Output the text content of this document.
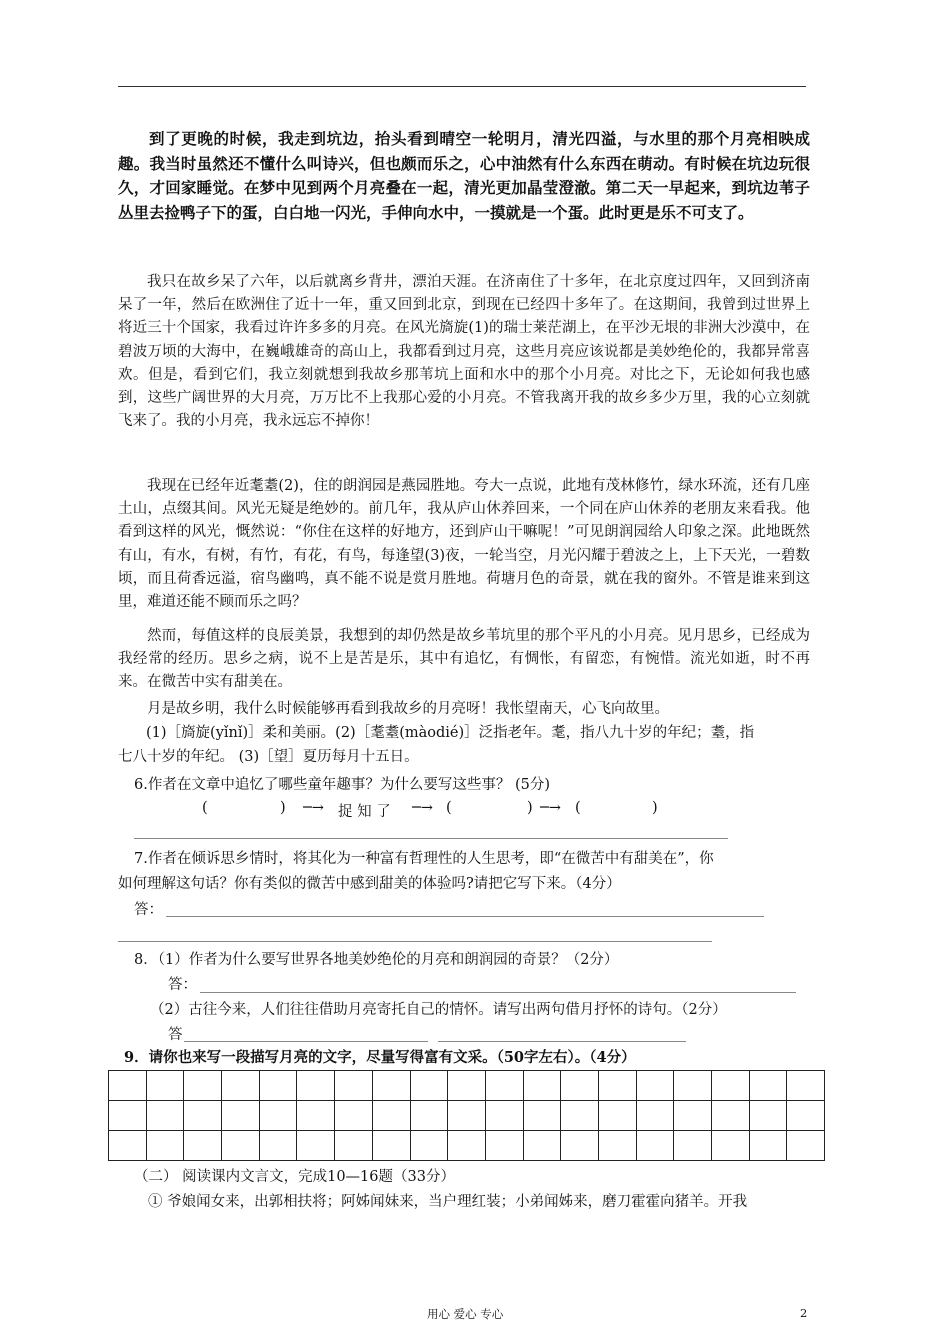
到了更晚的时候，我走到坑边，抬头看到晴空一轮明月，清光四溢，与水里的那个月亮相映成趣。我当时虽然还不懂什么叫诗兴，但也颇而乐之，心中油然有什么东西在萌动。有时候在坑边玩很久，才回家睡觉。在梦中见到两个月亮叠在一起，清光更加晶莹澄澈。第二天一早起来，到坑边苇子丛里去捡鸭子下的蛋，白白地一闪光，手伸向水中，一摸就是一个蛋。此时更是乐不可支了。

我只在故乡呆了六年，以后就离乡背井，漂泊天涯。在济南住了十多年，在北京度过四年，又回到济南呆了一年，然后在欧洲住了近十一年，重又回到北京，到现在已经四十多年了。在这期间，我曾到过世界上将近三十个国家，我看过许许多多的月亮。在风光旖旋(1)的瑞士莱茫湖上，在平沙无垠的非洲大沙漠中，在碧波万顷的大海中，在巍峨雄奇的高山上，我都看到过月亮，这些月亮应该说都是美妙绝伦的，我都异常喜欢。但是，看到它们，我立刻就想到我故乡那苇坑上面和水中的那个小月亮。对比之下，无论如何我也感到，这些广阔世界的大月亮，万万比不上我那心爱的小月亮。不管我离开我的故乡多少万里，我的心立刻就飞来了。我的小月亮，我永远忘不掉你！

我现在已经年近耄耋(2)，住的朗润园是燕园胜地。夸大一点说，此地有茂林修竹，绿水环流，还有几座土山，点缀其间。风光无疑是绝妙的。前几年，我从庐山休养回来，一个同在庐山休养的老朋友来看我。他看到这样的风光，慨然说：“你住在这样的好地方，还到庐山干嘛呢！”可见朗润园给人印象之深。此地既然有山，有水，有树，有竹，有花，有鸟，每逢望(3)夜，一轮当空，月光闪耀于碧波之上，上下天光，一碧数顷，而且荷香远溢，宿鸟幽鸣，真不能不说是赏月胜地。荷塘月色的奇景，就在我的窗外。不管是谁来到这里，难道还能不顾而乐之吗？

然而，每值这样的良辰美景，我想到的却仍然是故乡苇坑里的那个平凡的小月亮。见月思乡，已经成为我经常的经历。思乡之病，说不上是苦是乐，其中有追忆，有惆怅，有留恋，有惋惜。流光如逝，时不再来。在微苦中实有甜美在。

月是故乡明，我什么时候能够再看到我故乡的月亮呀！我怅望南天，心飞向故里。

(1)［旖旋(yǐnǐ)］柔和美丽。(2)［耄耋(màodié)］泛指老年。耄，指八九十岁的年纪；耋，指
七八十岁的年纪。 (3)［望］夏历每月十五日。
6.作者在文章中追忆了哪些童年趣事？为什么要写这些事？ (5分)
(	) ─→ 捉 知 了 ─→ (	) ─→ (	)
7.作者在倾诉思乡情时，将其化为一种富有哲理性的人生思考，即“在微苦中有甜美在”，你
如何理解这句话？你有类似的微苦中感到甜美的体验吗?请把它写下来。（4分）
答：
8．（1）作者为什么要写世界各地美妙绝伦的月亮和朗润园的奇景？（2分）
答：
（2）古往今来，人们往往借助月亮寄托自己的情怀。请写出两句借月抒怀的诗句。（2分）
答
9．请你也来写一段描写月亮的文字，尽量写得富有文采。（50字左右）。（4分）

（二） 阅读课内文言文，完成10—16题（33分）
① 爷娘闻女来，出郭相扶将；阿姊闻妹来，当户理红装；小弟闻姊来，磨刀霍霍向猪羊。开我
用心 爱心 专心	2
